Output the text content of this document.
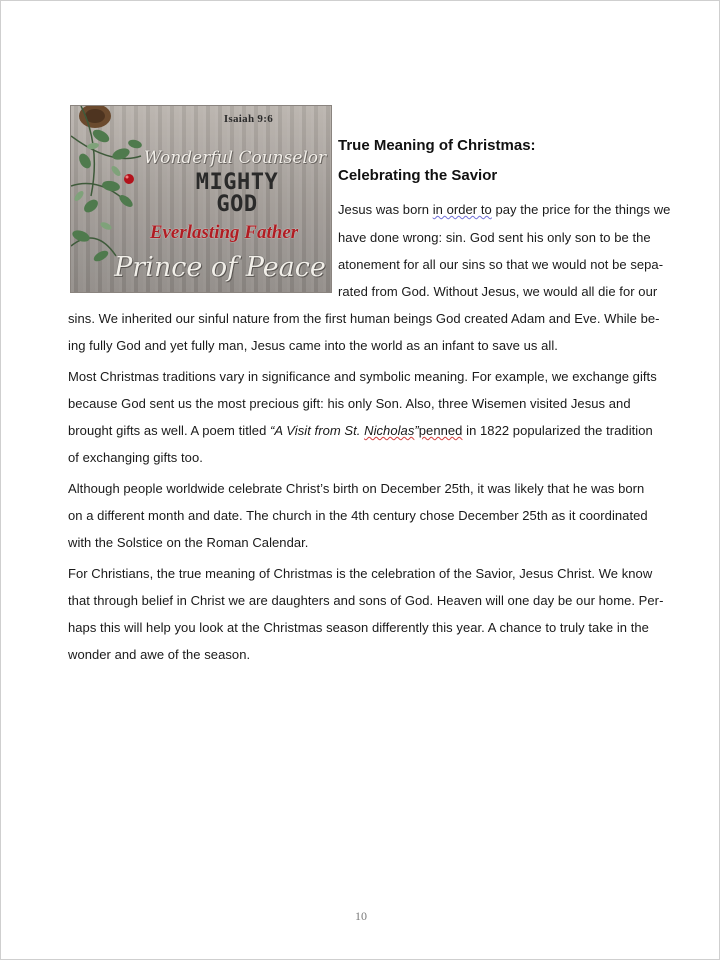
Isaiah 9:6
Wonderful Counselor
MIGHTY
GOD
Everlasting Father
Prince of Peace
True Meaning of Christmas:
Celebrating the Savior
Jesus was born in order to pay the price for the things we
have done wrong: sin. God sent his only son to be the
atonement for all our sins so that we would not be sepa-
rated from God. Without Jesus, we would all die for our
sins. We inherited our sinful nature from the first human beings God created Adam and Eve. While be-
ing fully God and yet fully man, Jesus came into the world as an infant to save us all.
Most Christmas traditions vary in significance and symbolic meaning. For example, we exchange gifts
because God sent us the most precious gift: his only Son. Also, three Wisemen visited Jesus and
brought gifts as well. A poem titled “A Visit from St. Nicholas”penned in 1822 popularized the tradition
of exchanging gifts too.
Although people worldwide celebrate Christ’s birth on December 25th, it was likely that he was born
on a different month and date. The church in the 4th century chose December 25th as it coordinated
with the Solstice on the Roman Calendar.
For Christians, the true meaning of Christmas is the celebration of the Savior, Jesus Christ. We know
that through belief in Christ we are daughters and sons of God. Heaven will one day be our home. Per-
haps this will help you look at the Christmas season differently this year. A chance to truly take in the
wonder and awe of the season.
10
